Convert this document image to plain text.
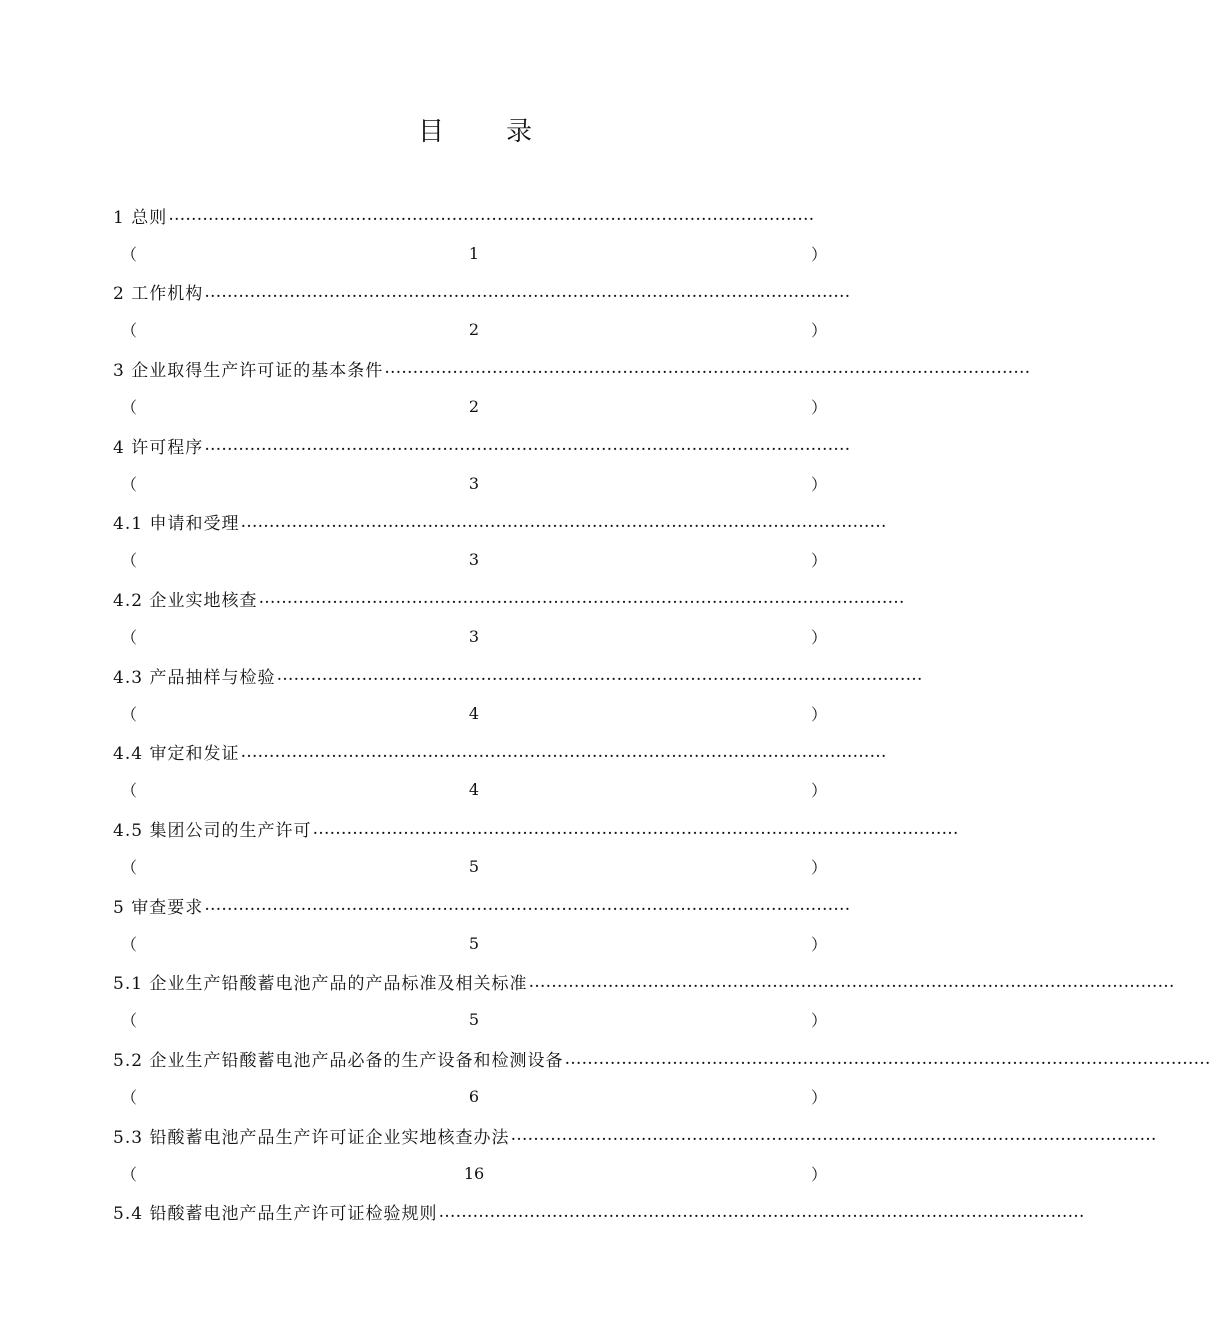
目 录
1 总则 ……………………………………………………………………………………………………
（	1	）
2 工作机构 ……………………………………………………………………………………………………
（	2	）
3 企业取得生产许可证的基本条件 ……………………………………………………………………………………………………
（	2	）
4 许可程序 ……………………………………………………………………………………………………
（	3	）
4.1 申请和受理 ……………………………………………………………………………………………………
（	3	）
4.2 企业实地核查 ……………………………………………………………………………………………………
（	3	）
4.3 产品抽样与检验 ……………………………………………………………………………………………………
（	4	）
4.4 审定和发证 ……………………………………………………………………………………………………
（	4	）
4.5 集团公司的生产许可 ……………………………………………………………………………………………………
（	5	）
5 审查要求 ……………………………………………………………………………………………………
（	5	）
5.1 企业生产铅酸蓄电池产品的产品标准及相关标准 ……………………………………………………………………………………………………
（	5	）
5.2 企业生产铅酸蓄电池产品必备的生产设备和检测设备 ……………………………………………………………………………………………………
（	6	）
5.3 铅酸蓄电池产品生产许可证企业实地核查办法 ……………………………………………………………………………………………………
（	16	）
5.4 铅酸蓄电池产品生产许可证检验规则 ……………………………………………………………………………………………………
